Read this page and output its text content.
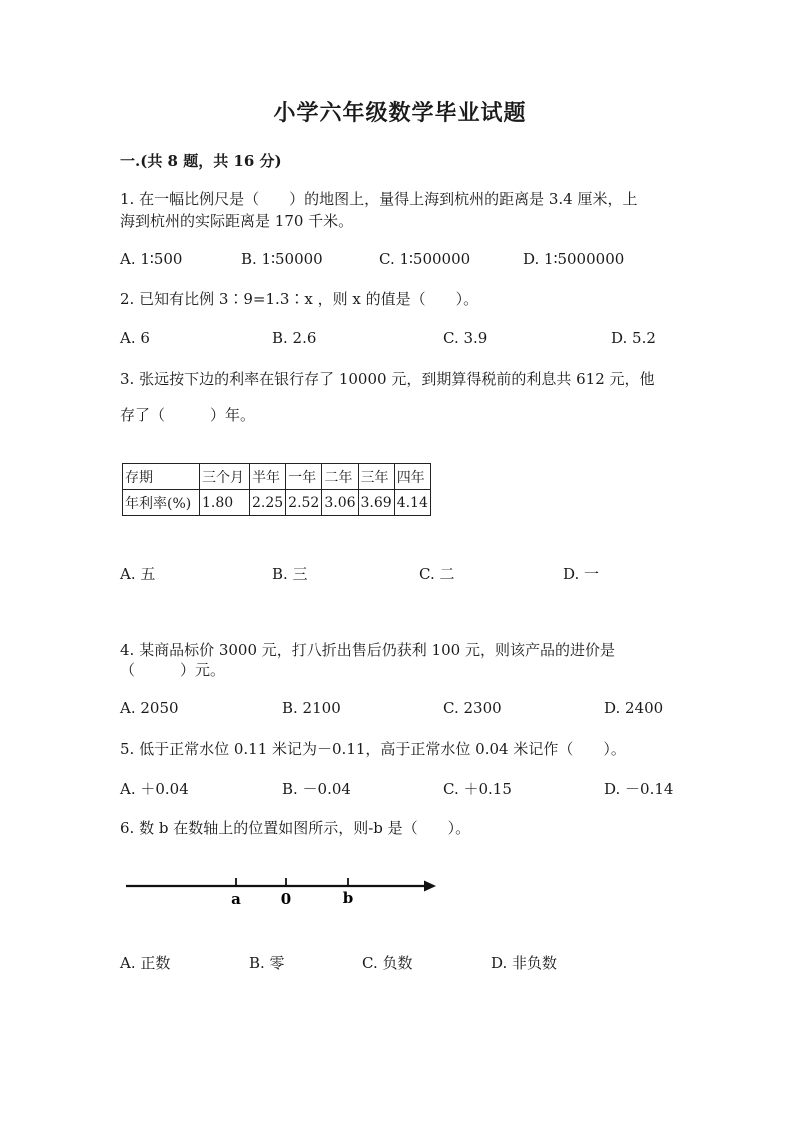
小学六年级数学毕业试题
一.(共 8 题，共 16 分)
1. 在一幅比例尺是（　　）的地图上，量得上海到杭州的距离是 3.4 厘米，上
海到杭州的实际距离是 170 千米。
A. 1∶500	B. 1∶50000	C. 1∶500000	D. 1∶5000000
2. 已知有比例 3∶9=1.3∶x ，则 x 的值是（　　）。
A. 6	B. 2.6	C. 3.9	D. 5.2
3. 张远按下边的利率在银行存了 10000 元，到期算得税前的利息共 612 元，他
存了（　　　）年。
存期	三个月	半年	一年	二年	三年	四年
年利率(%)	1.80	2.25	2.52	3.06	3.69	4.14
A. 五	B. 三	C. 二	D. 一
4. 某商品标价 3000 元，打八折出售后仍获利 100 元，则该产品的进价是
（　　　）元。
A. 2050	B. 2100	C. 2300	D. 2400
5. 低于正常水位 0.11 米记为－0.11，高于正常水位 0.04 米记作（　　）。
A. ＋0.04	B. －0.04	C. ＋0.15	D. －0.14
6. 数 b 在数轴上的位置如图所示，则-b 是（　　）。
a	0	b
A. 正数	B. 零	C. 负数	D. 非负数
